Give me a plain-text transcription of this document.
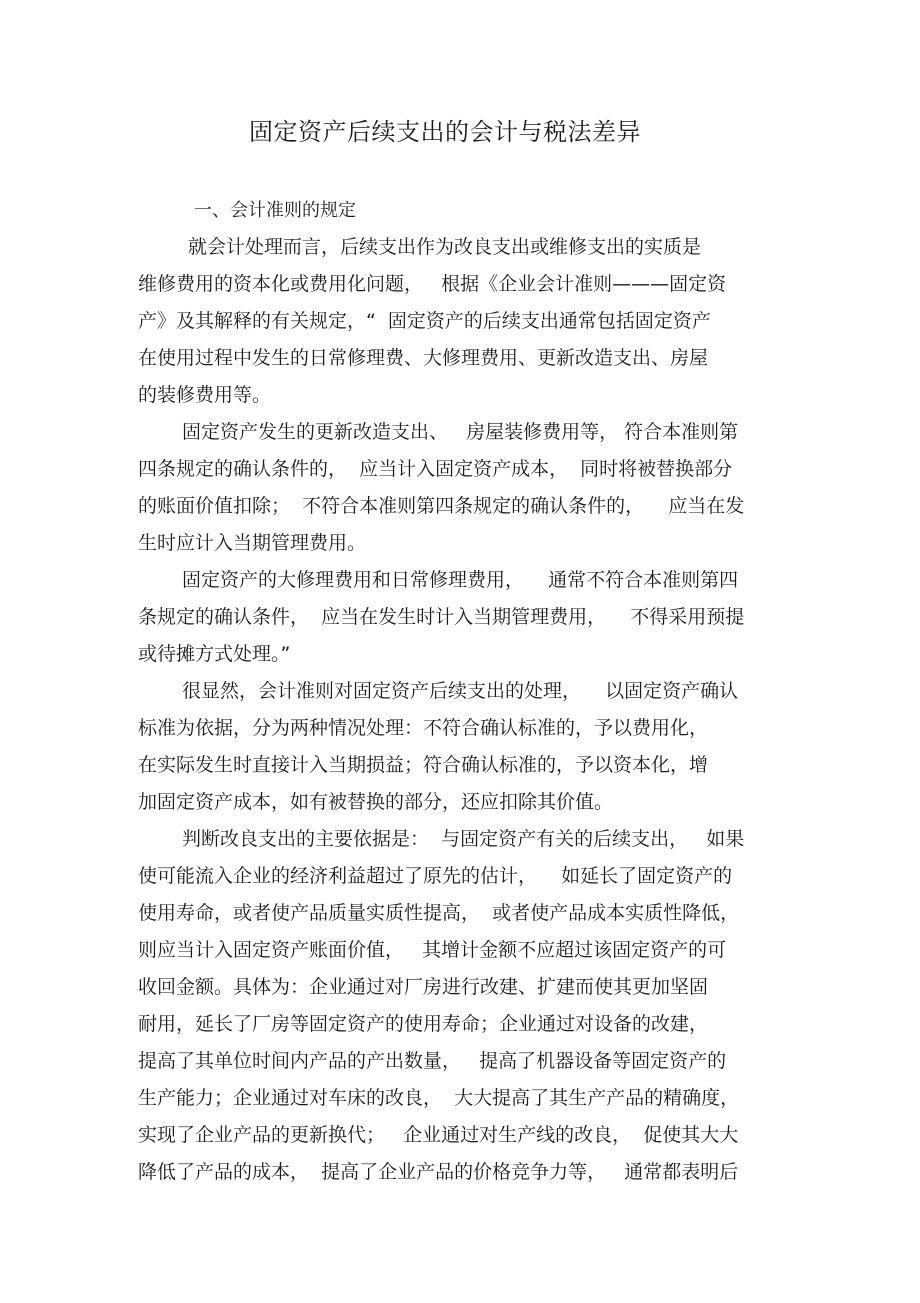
固定资产后续支出的会计与税法差异
一、会计准则的规定
就会计处理而言，后续支出作为改良支出或维修支出的实质是
维修费用的资本化或费用化问题，   根据《企业会计准则———固定资
产》及其解释的有关规定，“  固定资产的后续支出通常包括固定资产
在使用过程中发生的日常修理费、大修理费用、更新改造支出、房屋
的装修费用等。
固定资产发生的更新改造支出、   房屋装修费用等， 符合本准则第
四条规定的确认条件的，  应当计入固定资产成本，  同时将被替换部分
的账面价值扣除；  不符合本准则第四条规定的确认条件的，    应当在发
生时应计入当期管理费用。
固定资产的大修理费用和日常修理费用，    通常不符合本准则第四
条规定的确认条件，  应当在发生时计入当期管理费用，    不得采用预提
或待摊方式处理。”
很显然，会计准则对固定资产后续支出的处理，    以固定资产确认
标准为依据，分为两种情况处理：不符合确认标准的，予以费用化，
在实际发生时直接计入当期损益；符合确认标准的，予以资本化，增
加固定资产成本，如有被替换的部分，还应扣除其价值。
判断改良支出的主要依据是：  与固定资产有关的后续支出，   如果
使可能流入企业的经济利益超过了原先的估计，    如延长了固定资产的
使用寿命，或者使产品质量实质性提高，  或者使产品成本实质性降低，
则应当计入固定资产账面价值，   其增计金额不应超过该固定资产的可
收回金额。具体为：企业通过对厂房进行改建、扩建而使其更加坚固
耐用，延长了厂房等固定资产的使用寿命；企业通过对设备的改建，
提高了其单位时间内产品的产出数量，   提高了机器设备等固定资产的
生产能力；企业通过对车床的改良，  大大提高了其生产产品的精确度，
实现了企业产品的更新换代；   企业通过对生产线的改良，  促使其大大
降低了产品的成本，  提高了企业产品的价格竞争力等，   通常都表明后
